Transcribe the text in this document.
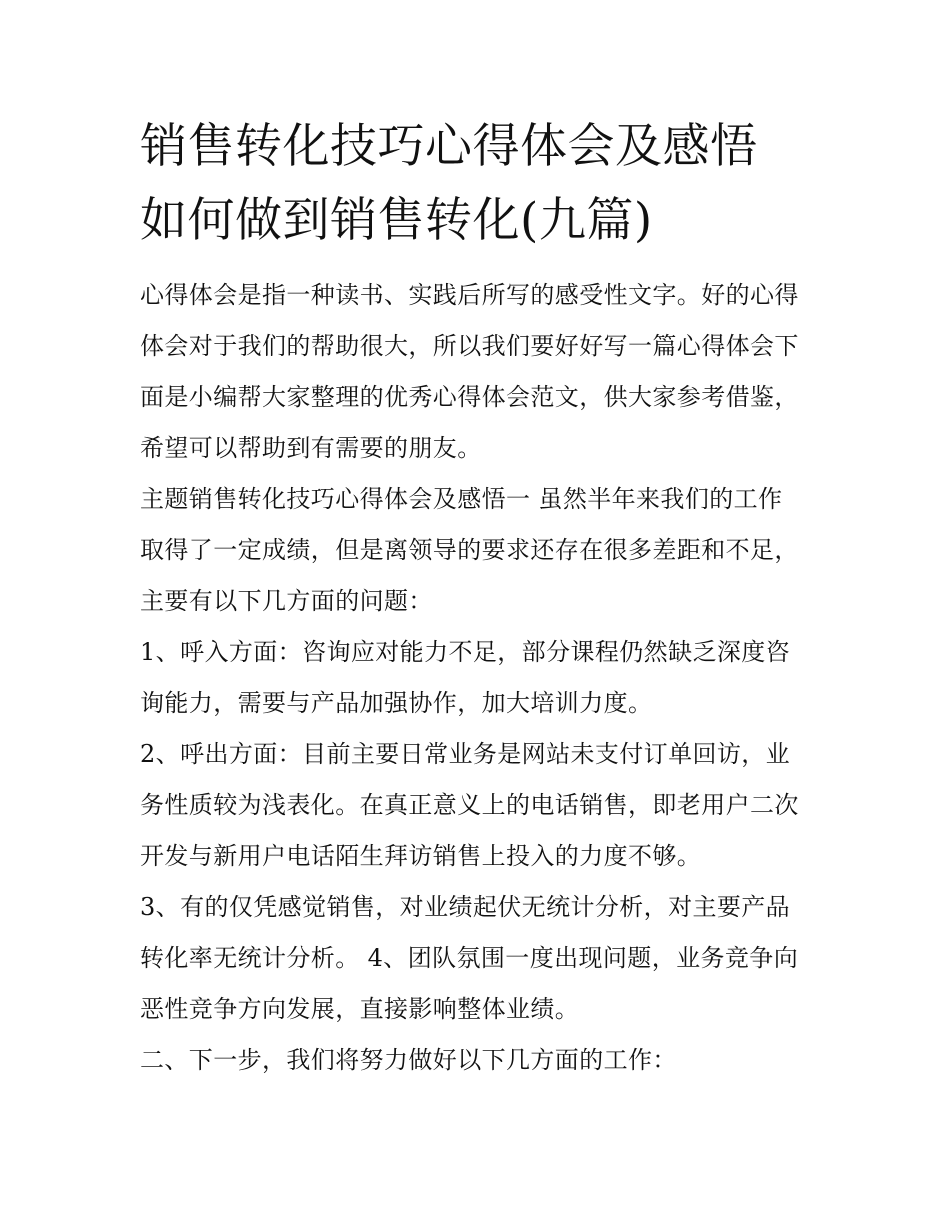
销售转化技巧心得体会及感悟
如何做到销售转化(九篇)

心得体会是指一种读书、实践后所写的感受性文字。好的心得
体会对于我们的帮助很大，所以我们要好好写一篇心得体会下
面是小编帮大家整理的优秀心得体会范文，供大家参考借鉴，
希望可以帮助到有需要的朋友。

主题销售转化技巧心得体会及感悟一 虽然半年来我们的工作
取得了一定成绩，但是离领导的要求还存在很多差距和不足，
主要有以下几方面的问题：

1、呼入方面：咨询应对能力不足，部分课程仍然缺乏深度咨
询能力，需要与产品加强协作，加大培训力度。

2、呼出方面：目前主要日常业务是网站未支付订单回访，业
务性质较为浅表化。在真正意义上的电话销售，即老用户二次
开发与新用户电话陌生拜访销售上投入的力度不够。

3、有的仅凭感觉销售，对业绩起伏无统计分析，对主要产品
转化率无统计分析。 4、团队氛围一度出现问题，业务竞争向
恶性竞争方向发展，直接影响整体业绩。

二、下一步，我们将努力做好以下几方面的工作：
